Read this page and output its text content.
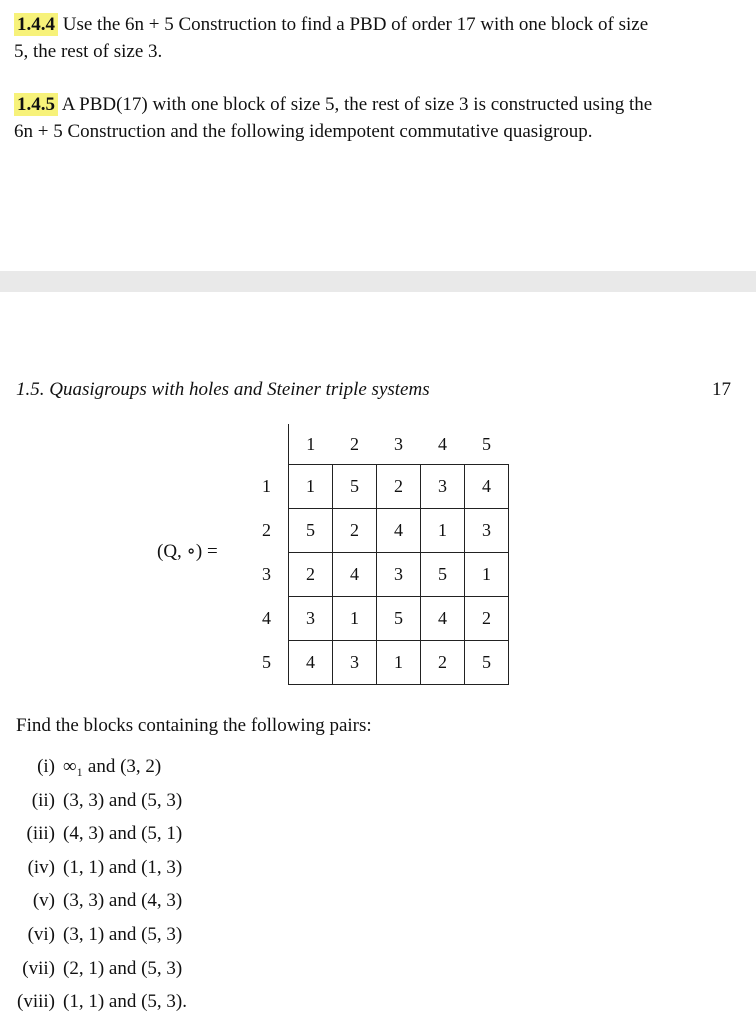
1.4.4 Use the 6n + 5 Construction to find a PBD of order 17 with one block of size
5, the rest of size 3.
1.4.5 A PBD(17) with one block of size 5, the rest of size 3 is constructed using the
6n + 5 Construction and the following idempotent commutative quasigroup.
1.5. Quasigroups with holes and Steiner triple systems	17
(Q, ∘) =
	1	2	3	4	5
1	1	5	2	3	4
2	5	2	4	1	3
3	2	4	3	5	1
4	3	1	5	4	2
5	4	3	1	2	5
Find the blocks containing the following pairs:
(i) ∞₁ and (3, 2)
(ii) (3, 3) and (5, 3)
(iii) (4, 3) and (5, 1)
(iv) (1, 1) and (1, 3)
(v) (3, 3) and (4, 3)
(vi) (3, 1) and (5, 3)
(vii) (2, 1) and (5, 3)
(viii) (1, 1) and (5, 3).
